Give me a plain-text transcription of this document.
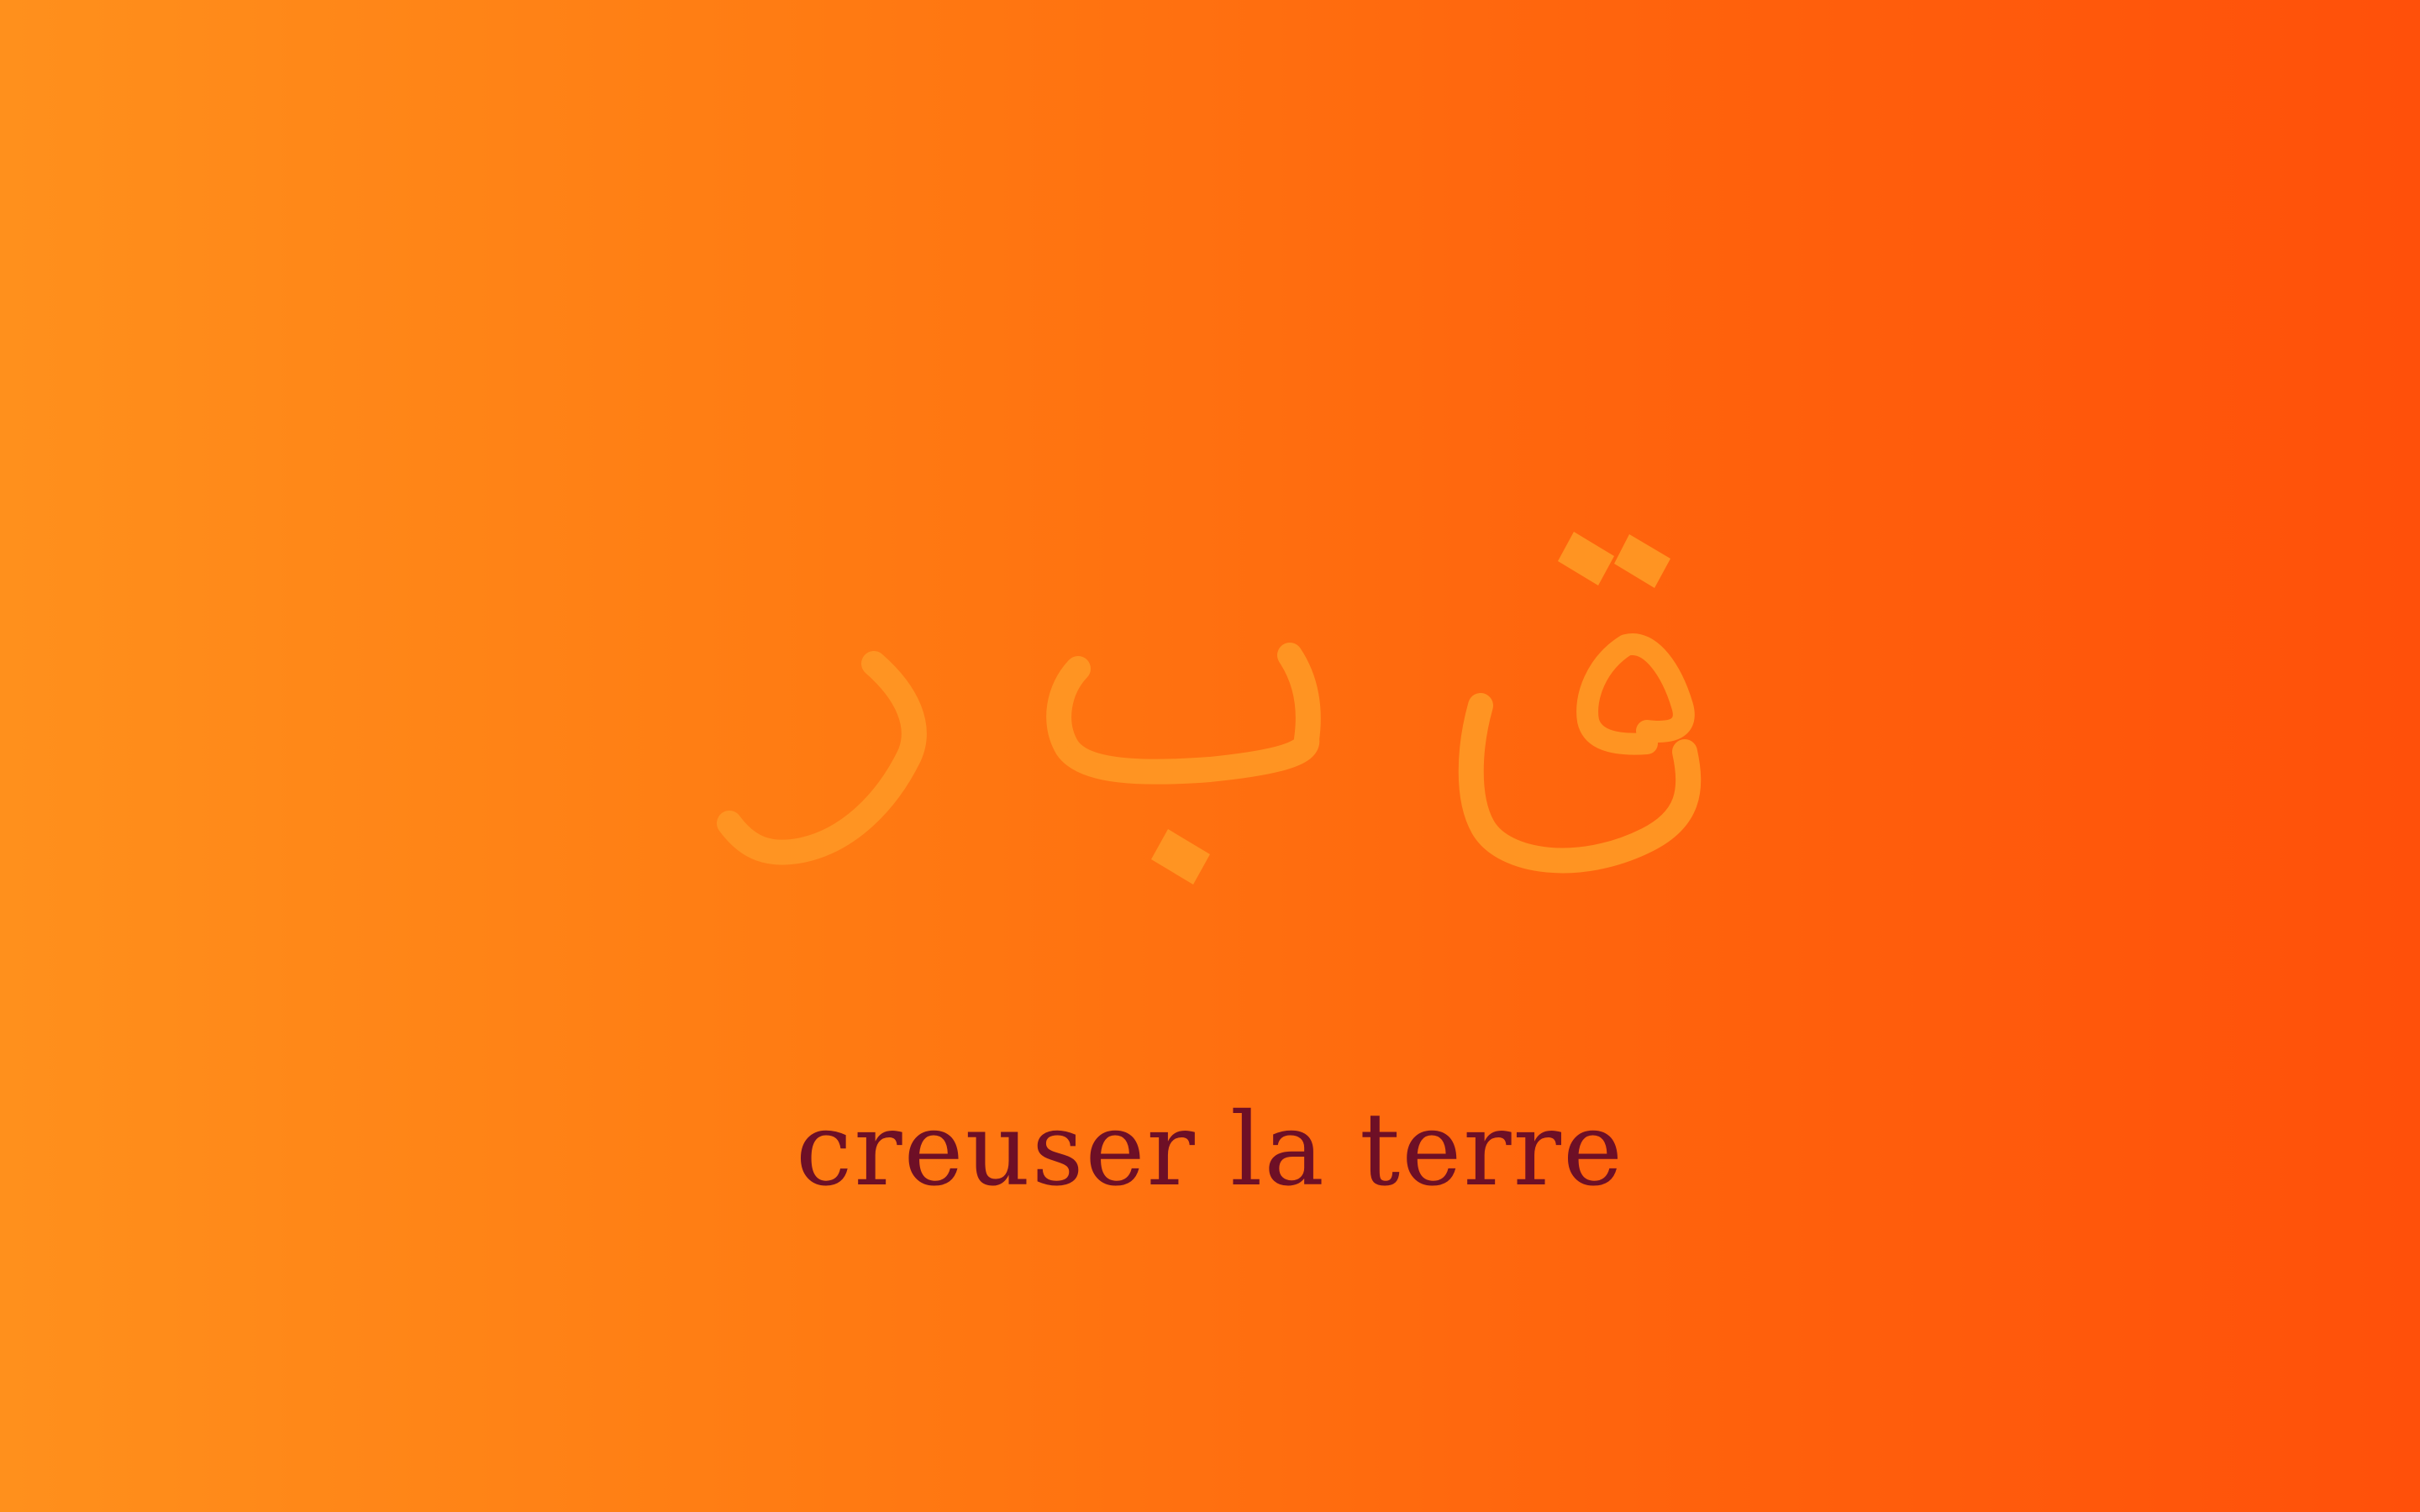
creuser la terre
